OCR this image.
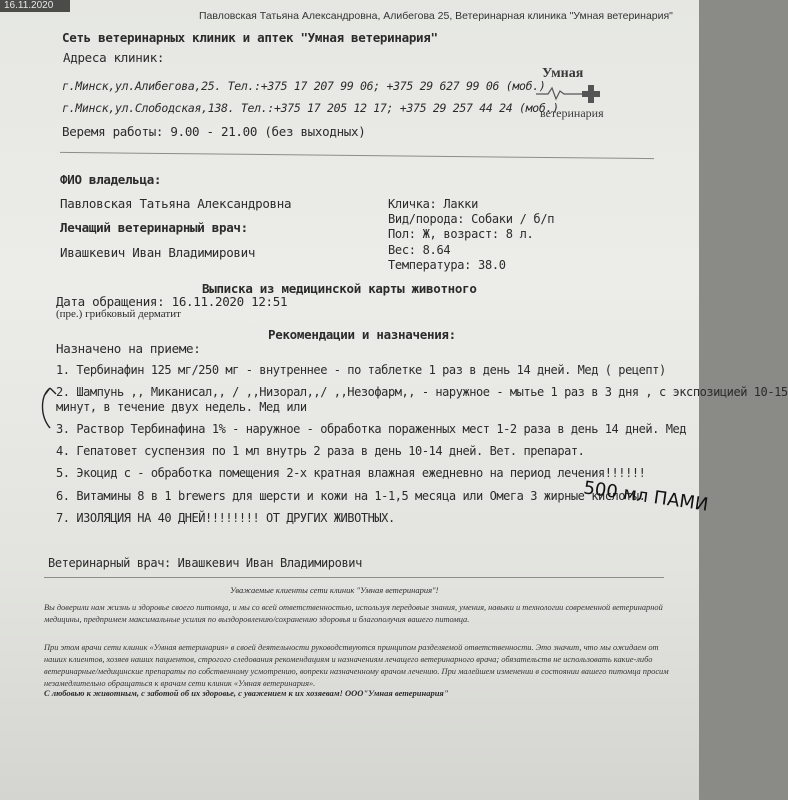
16.11.2020
Павловская Татьяна Александровна, Алибегова 25, Ветеринарная клиника "Умная ветеринария"
Сеть ветеринарных клиник и аптек "Умная ветеринария"
Адреса клиник:
г.Минск,ул.Алибегова,25. Тел.:+375 17 207 99 06; +375 29 627 99 06 (моб.)
г.Минск,ул.Слободская,138. Тел.:+375 17 205 12 17; +375 29 257 44 24 (моб.)
Веремя работы: 9.00 - 21.00 (без выходных)
Умная
ветеринария
ФИО владельца:
Павловская Татьяна Александровна
Лечащий ветеринарный врач:
Ивашкевич Иван Владимирович
Кличка: Лакки
Вид/порода: Собаки / б/п
Пол: Ж, возраст: 8 л.
Вес: 8.64
Температура: 38.0
Выписка из медицинской карты животного
Дата обращения: 16.11.2020 12:51
(пре.) грибковый дерматит
Рекомендации и назначения:
Назначено на приеме:
1. Тербинафин 125 мг/250 мг - внутреннее - по таблетке 1 раз в день 14 дней. Мед ( рецепт)
2. Шампунь ,, Миканисал,, / ,,Низорал,,/ ,,Незофарм,, - наружное - мытье 1 раз в 3 дня , с экспозицией 10-15
минут, в течение двух недель. Мед или
3. Раствор Тербинафина 1% - наружное - обработка пораженных мест 1-2 раза в день 14 дней. Мед
4. Гепатовет суспензия по 1 мл внутрь 2 раза в день 10-14 дней. Вет. препарат.
5. Экоцид с - обработка помещения 2-х кратная влажная ежедневно на период лечения!!!!!!
6. Витамины 8 в 1 brewers для шерсти и кожи на 1-1,5 месяца или Омега 3 жирные кислоты.
7. ИЗОЛЯЦИЯ НА 40 ДНЕЙ!!!!!!!! ОТ ДРУГИХ ЖИВОТНЫХ.
500 мл ПАМИ
Ветеринарный врач: Ивашкевич Иван Владимирович
Уважаемые клиенты сети клиник "Умная ветеринария"!
Вы доверили нам жизнь и здоровье своего питомца, и мы со всей ответственностью, используя передовые знания, умения, навыки и технологии современной ветеринарной медицины, предпримем максимальные усилия по выздоровлению/сохранению здоровья и благополучия вашего питомца.
При этом врачи сети клиник «Умная ветеринария» в своей деятельности руководствуются принципом разделяемой ответственности. Это значит, что мы ожидаем от наших клиентов, хозяев наших пациентов, строгого следования рекомендациям и назначениям лечащего ветеринарного врача; обязательств не использовать какие-либо ветеринарные/медицинские препараты по собственному усмотрению, вопреки назначенному врачом лечению. При малейшем изменении в состоянии вашего питомца просим незамедлительно обращаться к врачам сети клиник «Умная ветеринария».
С любовью к животным, с заботой об их здоровье, с уважением к их хозяевам! ООО"Умная ветеринария"
